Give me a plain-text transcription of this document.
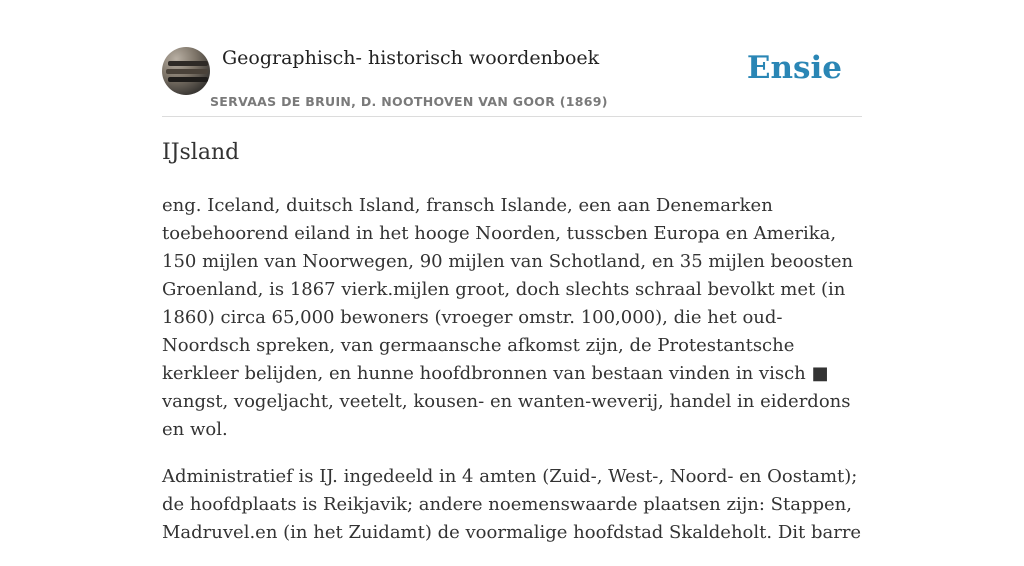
Geographisch- historisch woordenboek
SERVAAS DE BRUIN, D. NOOTHOVEN VAN GOOR (1869)
Ensie
IJsland

eng. Iceland, duitsch Island, fransch Islande, een aan Denemarken toebehoorend eiland in het hooge Noorden, tusscben Europa en Amerika, 150 mijlen van Noorwegen, 90 mijlen van Schotland, en 35 mijlen beoosten Groenland, is 1867 vierk.mijlen groot, doch slechts schraal bevolkt met (in 1860) circa 65,000 bewoners (vroeger omstr. 100,000), die het oud-Noordsch spreken, van germaansche afkomst zijn, de Protestantsche kerkleer belijden, en hunne hoofdbronnen van bestaan vinden in visch ■ vangst, vogeljacht, veetelt, kousen- en wanten-weverij, handel in eiderdons en wol.

Administratief is IJ. ingedeeld in 4 amten (Zuid-, West-, Noord- en Oostamt); de hoofdplaats is Reikjavik; andere noemenswaarde plaatsen zijn: Stappen, Madruvel.en (in het Zuidamt) de voormalige hoofdstad Skaldeholt. Dit barre
